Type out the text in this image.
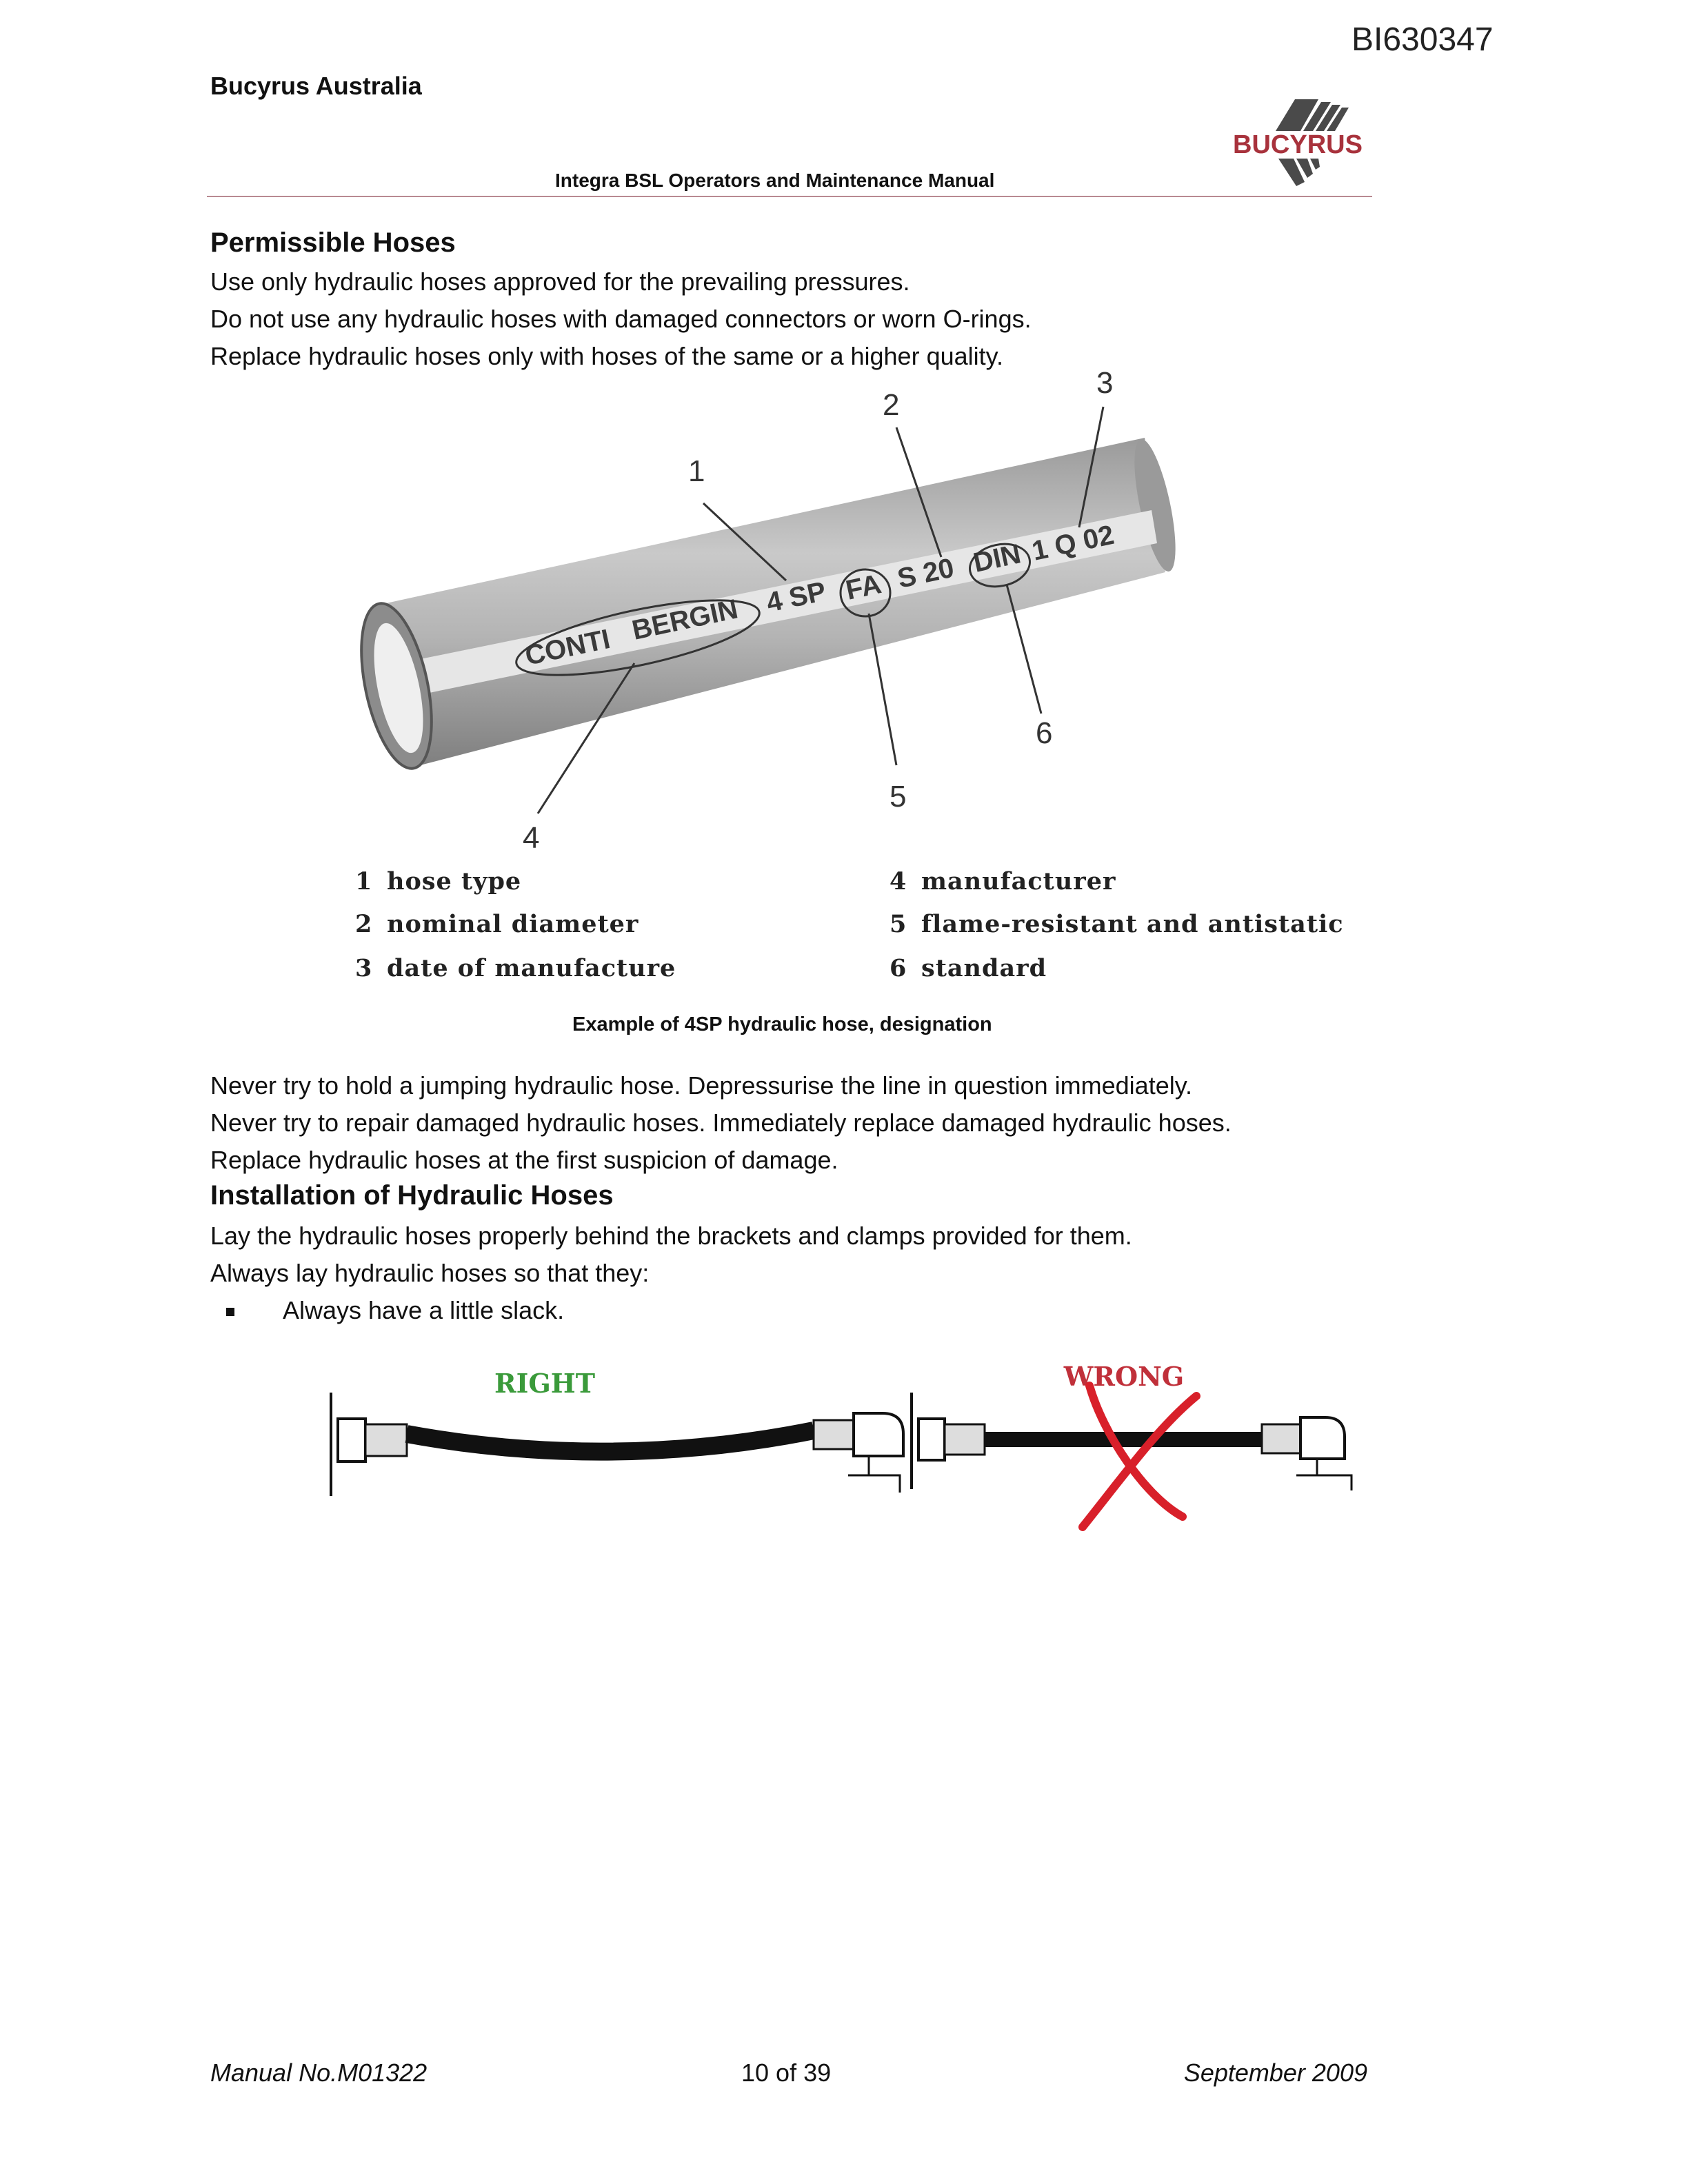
BI630347
Bucyrus Australia
Integra BSL Operators and Maintenance Manual
BUCYRUS
Permissible Hoses
Use only hydraulic hoses approved for the prevailing pressures.
Do not use any hydraulic hoses with damaged connectors or worn O-rings.
Replace hydraulic hoses only with hoses of the same or a higher quality.
CONTI
BERGIN 4 SP FA S 20 DIN 1 Q 02
1
2
3
4
5
6
1 hose type
2 nominal diameter
3 date of manufacture
4 manufacturer
5 flame-resistant and antistatic
6 standard
Example of 4SP hydraulic hose, designation
Never try to hold a jumping hydraulic hose. Depressurise the line in question immediately.
Never try to repair damaged hydraulic hoses. Immediately replace damaged hydraulic hoses.
Replace hydraulic hoses at the first suspicion of damage.
Installation of Hydraulic Hoses
Lay the hydraulic hoses properly behind the brackets and clamps provided for them.
Always lay hydraulic hoses so that they:
Always have a little slack.
RIGHT	WRONG
Manual No.M01322	10 of 39	September 2009
